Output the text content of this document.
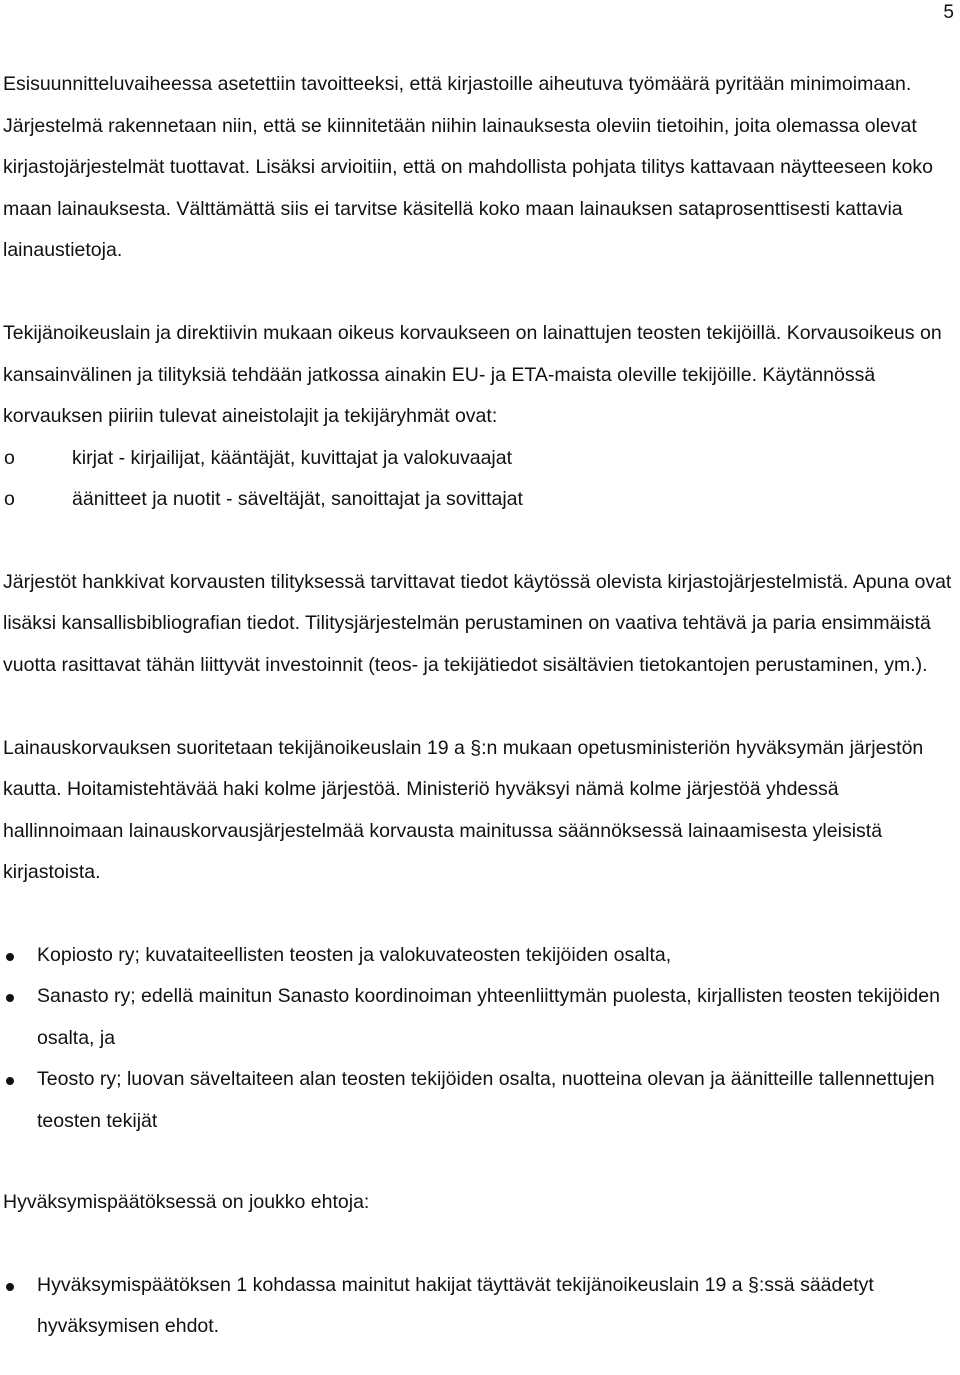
5

Esisuunnitteluvaiheessa asetettiin tavoitteeksi, että kirjastoille aiheutuva työmäärä pyritään minimoimaan. Järjestelmä rakennetaan niin, että se kiinnitetään niihin lainauksesta oleviin tietoihin, joita olemassa olevat kirjastojärjestelmät tuottavat. Lisäksi arvioitiin, että on mahdollista pohjata tilitys kattavaan näytteeseen koko maan lainauksesta. Välttämättä siis ei tarvitse käsitellä koko maan lainauksen sataprosenttisesti kattavia lainaustietoja.

Tekijänoikeuslain ja direktiivin mukaan oikeus korvaukseen on lainattujen teosten tekijöillä. Korvausoikeus on kansainvälinen ja tilityksiä tehdään jatkossa ainakin EU- ja ETA-maista oleville tekijöille. Käytännössä korvauksen piiriin tulevat aineistolajit ja tekijäryhmät ovat:

o	kirjat - kirjailijat, kääntäjät, kuvittajat ja valokuvaajat
o	äänitteet ja nuotit - säveltäjät, sanoittajat ja sovittajat

Järjestöt hankkivat korvausten tilityksessä tarvittavat tiedot käytössä olevista kirjastojärjestelmistä. Apuna ovat lisäksi kansallisbibliografian tiedot. Tilitysjärjestelmän perustaminen on vaativa tehtävä ja paria ensimmäistä vuotta rasittavat tähän liittyvät investoinnit (teos- ja tekijätiedot sisältävien tietokantojen perustaminen, ym.).

Lainauskorvauksen suoritetaan tekijänoikeuslain 19 a §:n mukaan opetusministeriön hyväksymän järjestön kautta. Hoitamistehtävää haki kolme järjestöä. Ministeriö hyväksyi nämä kolme järjestöä yhdessä hallinnoimaan lainauskorvausjärjestelmää korvausta mainitussa säännöksessä lainaamisesta yleisistä kirjastoista.

Kopiosto ry; kuvataiteellisten teosten ja valokuvateosten tekijöiden osalta,
Sanasto ry; edellä mainitun Sanasto koordinoiman yhteenliittymän puolesta, kirjallisten teosten tekijöiden osalta, ja
Teosto ry; luovan säveltaiteen alan teosten tekijöiden osalta, nuotteina olevan ja äänitteille tallennettujen teosten tekijät

Hyväksymispäätöksessä on joukko ehtoja:

Hyväksymispäätöksen 1 kohdassa mainitut hakijat täyttävät tekijänoikeuslain 19 a §:ssä säädetyt hyväksymisen ehdot.
